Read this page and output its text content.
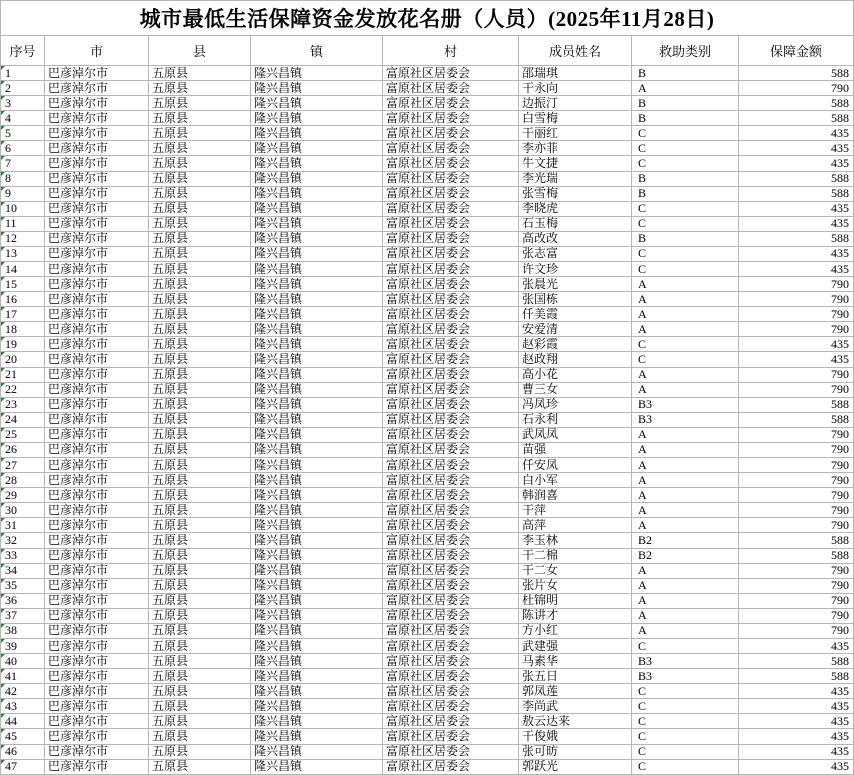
城市最低生活保障资金发放花名册（人员）(2025年11月28日)
序号	市	县	镇	村	成员姓名	救助类别	保障金额
1	巴彦淖尔市	五原县	隆兴昌镇	富原社区居委会	邵瑞琪	B	588
2	巴彦淖尔市	五原县	隆兴昌镇	富原社区居委会	干永向	A	790
3	巴彦淖尔市	五原县	隆兴昌镇	富原社区居委会	边振汀	B	588
4	巴彦淖尔市	五原县	隆兴昌镇	富原社区居委会	白雪梅	B	588
5	巴彦淖尔市	五原县	隆兴昌镇	富原社区居委会	干丽红	C	435
6	巴彦淖尔市	五原县	隆兴昌镇	富原社区居委会	李亦菲	C	435
7	巴彦淖尔市	五原县	隆兴昌镇	富原社区居委会	牛文捷	C	435
8	巴彦淖尔市	五原县	隆兴昌镇	富原社区居委会	李光瑞	B	588
9	巴彦淖尔市	五原县	隆兴昌镇	富原社区居委会	张雪梅	B	588
10	巴彦淖尔市	五原县	隆兴昌镇	富原社区居委会	李晓虎	C	435
11	巴彦淖尔市	五原县	隆兴昌镇	富原社区居委会	石玉梅	C	435
12	巴彦淖尔市	五原县	隆兴昌镇	富原社区居委会	高改改	B	588
13	巴彦淖尔市	五原县	隆兴昌镇	富原社区居委会	张志富	C	435
14	巴彦淖尔市	五原县	隆兴昌镇	富原社区居委会	许文珍	C	435
15	巴彦淖尔市	五原县	隆兴昌镇	富原社区居委会	张晨光	A	790
16	巴彦淖尔市	五原县	隆兴昌镇	富原社区居委会	张国栋	A	790
17	巴彦淖尔市	五原县	隆兴昌镇	富原社区居委会	仟美霞	A	790
18	巴彦淖尔市	五原县	隆兴昌镇	富原社区居委会	安爱清	A	790
19	巴彦淖尔市	五原县	隆兴昌镇	富原社区居委会	赵彩霞	C	435
20	巴彦淖尔市	五原县	隆兴昌镇	富原社区居委会	赵政翔	C	435
21	巴彦淖尔市	五原县	隆兴昌镇	富原社区居委会	高小花	A	790
22	巴彦淖尔市	五原县	隆兴昌镇	富原社区居委会	曹三女	A	790
23	巴彦淖尔市	五原县	隆兴昌镇	富原社区居委会	冯凤珍	B3	588
24	巴彦淖尔市	五原县	隆兴昌镇	富原社区居委会	石永利	B3	588
25	巴彦淖尔市	五原县	隆兴昌镇	富原社区居委会	武凤凤	A	790
26	巴彦淖尔市	五原县	隆兴昌镇	富原社区居委会	苗强	A	790
27	巴彦淖尔市	五原县	隆兴昌镇	富原社区居委会	仟安凤	A	790
28	巴彦淖尔市	五原县	隆兴昌镇	富原社区居委会	白小军	A	790
29	巴彦淖尔市	五原县	隆兴昌镇	富原社区居委会	韩润喜	A	790
30	巴彦淖尔市	五原县	隆兴昌镇	富原社区居委会	干萍	A	790
31	巴彦淖尔市	五原县	隆兴昌镇	富原社区居委会	高萍	A	790
32	巴彦淖尔市	五原县	隆兴昌镇	富原社区居委会	李玉林	B2	588
33	巴彦淖尔市	五原县	隆兴昌镇	富原社区居委会	干二棉	B2	588
34	巴彦淖尔市	五原县	隆兴昌镇	富原社区居委会	干二女	A	790
35	巴彦淖尔市	五原县	隆兴昌镇	富原社区居委会	张片女	A	790
36	巴彦淖尔市	五原县	隆兴昌镇	富原社区居委会	杜锦明	A	790
37	巴彦淖尔市	五原县	隆兴昌镇	富原社区居委会	陈讲才	A	790
38	巴彦淖尔市	五原县	隆兴昌镇	富原社区居委会	方小红	A	790
39	巴彦淖尔市	五原县	隆兴昌镇	富原社区居委会	武建强	C	435
40	巴彦淖尔市	五原县	隆兴昌镇	富原社区居委会	马素华	B3	588
41	巴彦淖尔市	五原县	隆兴昌镇	富原社区居委会	张五日	B3	588
42	巴彦淖尔市	五原县	隆兴昌镇	富原社区居委会	郭凤莲	C	435
43	巴彦淖尔市	五原县	隆兴昌镇	富原社区居委会	李尚武	C	435
44	巴彦淖尔市	五原县	隆兴昌镇	富原社区居委会	敖云达来	C	435
45	巴彦淖尔市	五原县	隆兴昌镇	富原社区居委会	干俊娥	C	435
46	巴彦淖尔市	五原县	隆兴昌镇	富原社区居委会	张可昉	C	435
47	巴彦淖尔市	五原县	隆兴昌镇	富原社区居委会	郭跃光	C	435
